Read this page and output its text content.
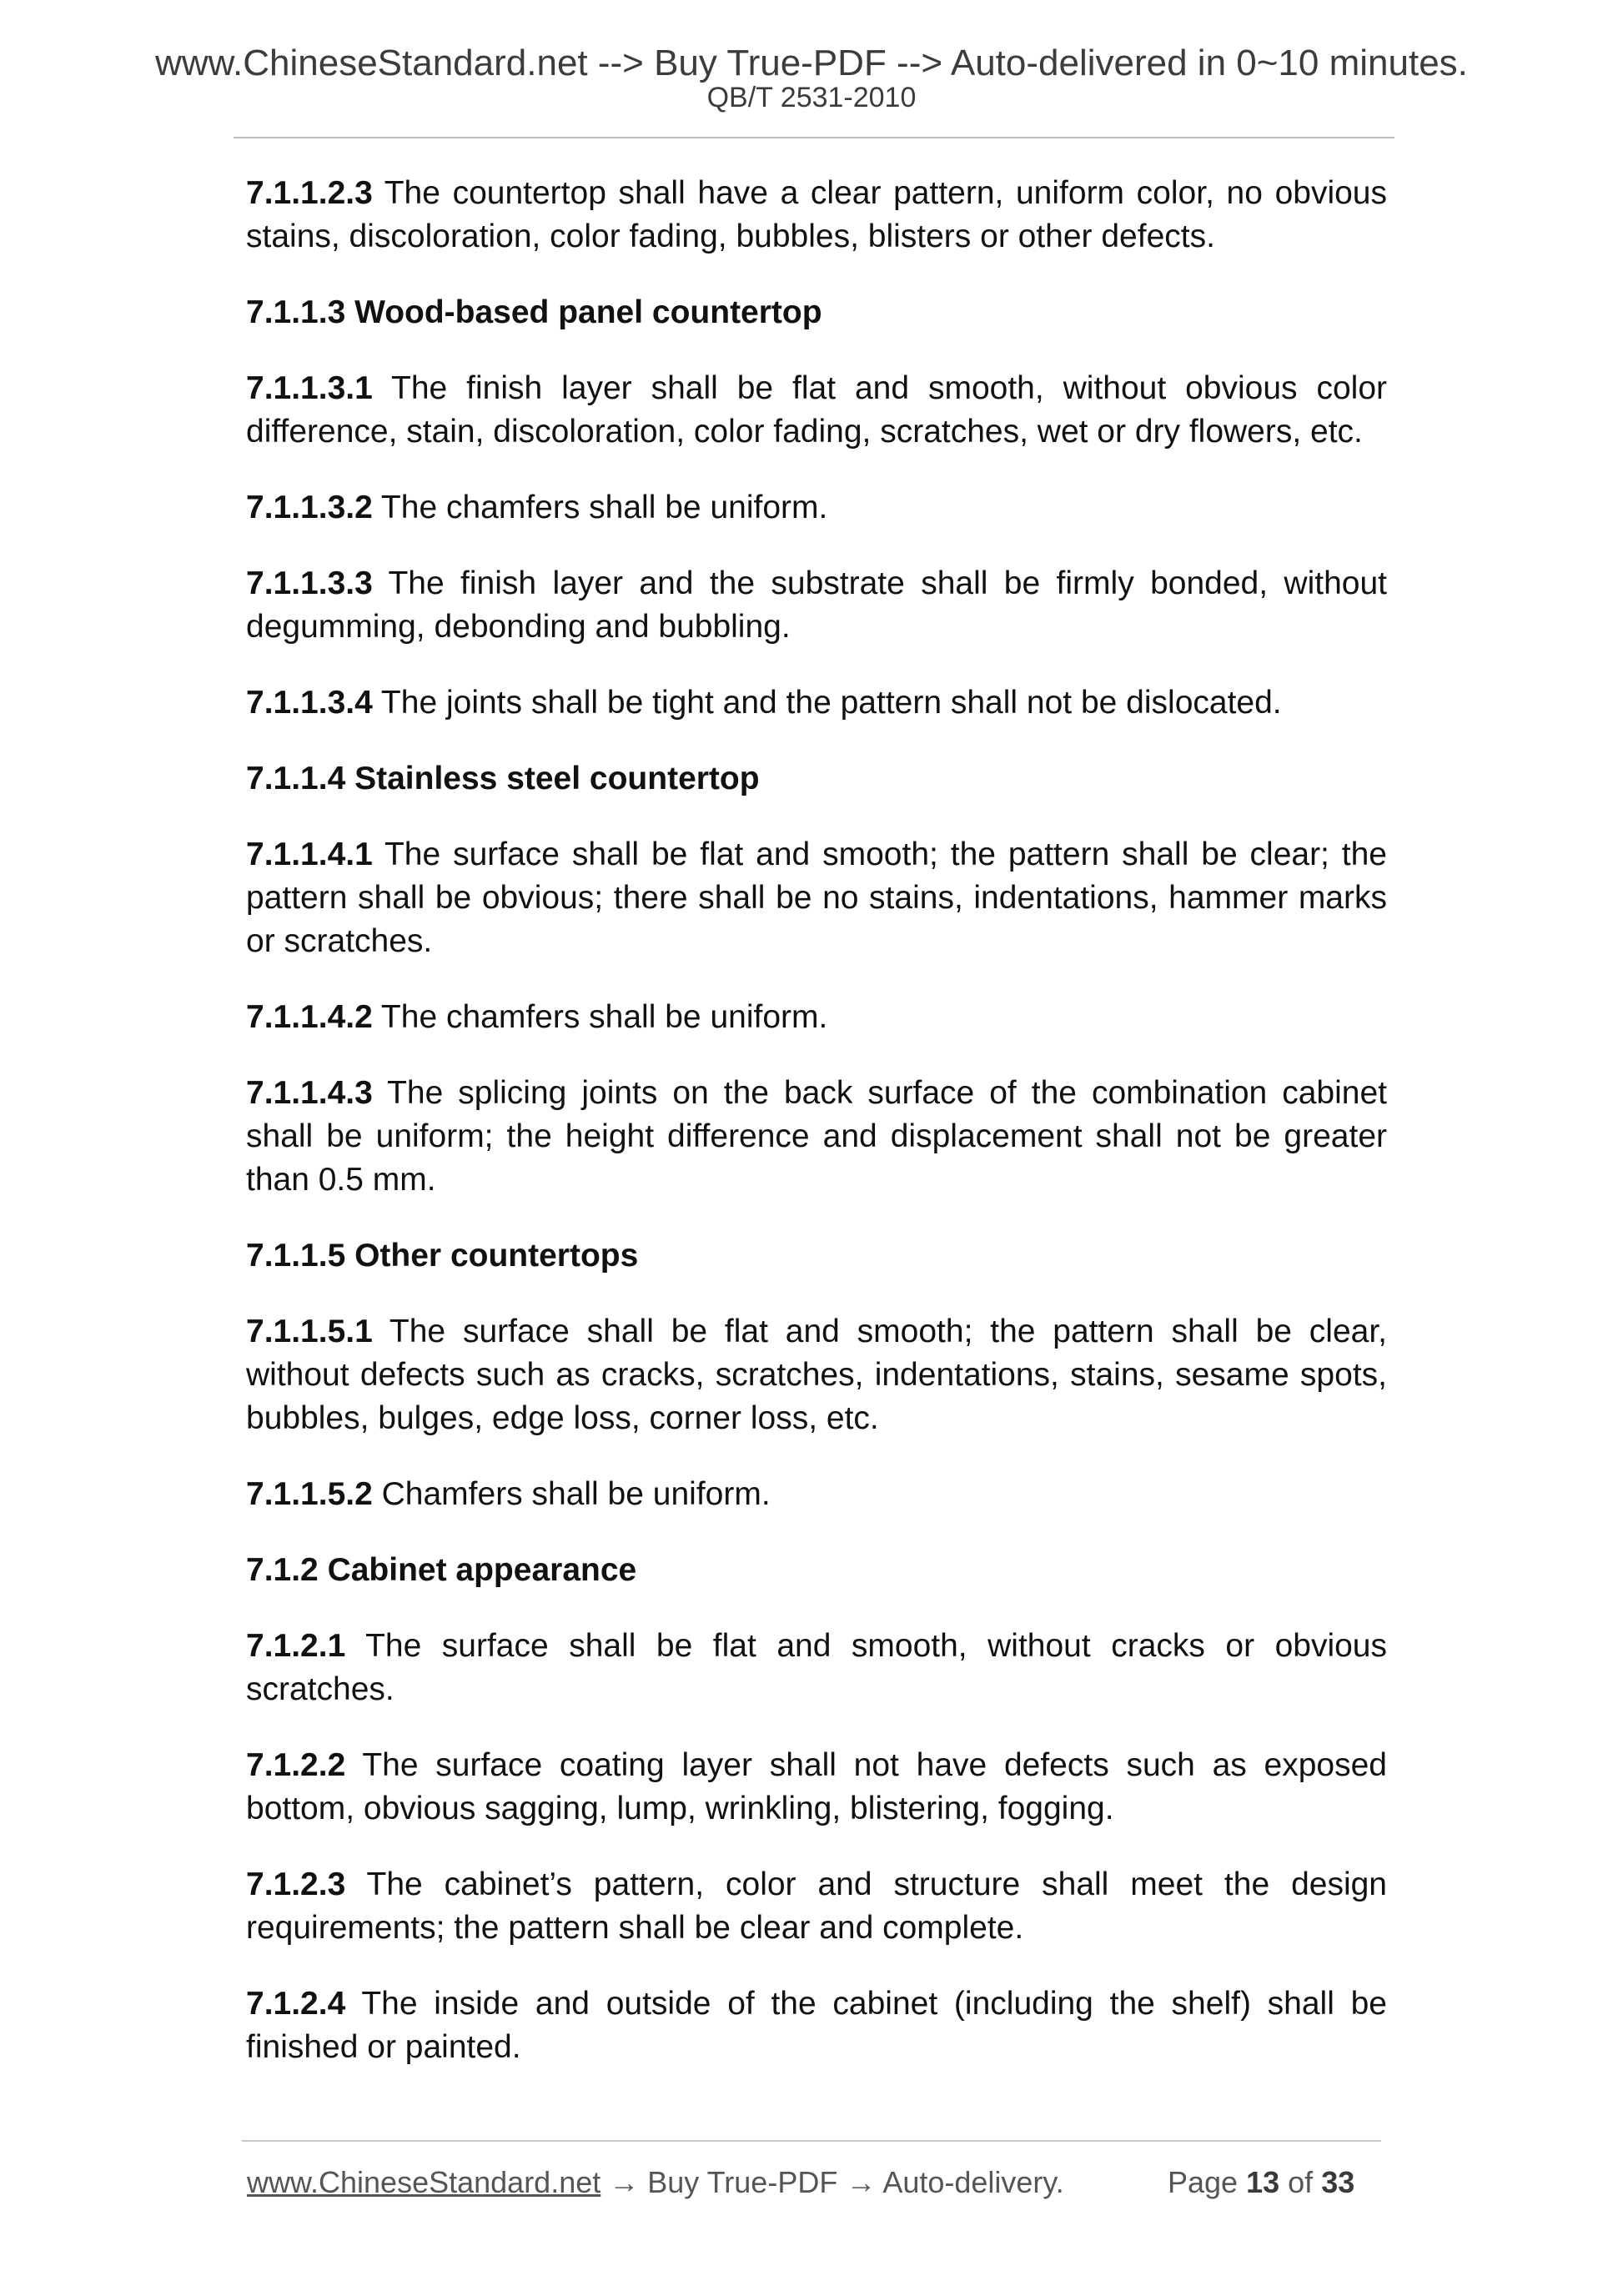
www.ChineseStandard.net --> Buy True-PDF --> Auto-delivered in 0~10 minutes.
QB/T 2531-2010

7.1.1.2.3 The countertop shall have a clear pattern, uniform color, no obvious stains, discoloration, color fading, bubbles, blisters or other defects.

7.1.1.3 Wood-based panel countertop

7.1.1.3.1 The finish layer shall be flat and smooth, without obvious color difference, stain, discoloration, color fading, scratches, wet or dry flowers, etc.

7.1.1.3.2 The chamfers shall be uniform.

7.1.1.3.3 The finish layer and the substrate shall be firmly bonded, without degumming, debonding and bubbling.

7.1.1.3.4 The joints shall be tight and the pattern shall not be dislocated.

7.1.1.4 Stainless steel countertop

7.1.1.4.1 The surface shall be flat and smooth; the pattern shall be clear; the pattern shall be obvious; there shall be no stains, indentations, hammer marks or scratches.

7.1.1.4.2 The chamfers shall be uniform.

7.1.1.4.3 The splicing joints on the back surface of the combination cabinet shall be uniform; the height difference and displacement shall not be greater than 0.5 mm.

7.1.1.5 Other countertops

7.1.1.5.1 The surface shall be flat and smooth; the pattern shall be clear, without defects such as cracks, scratches, indentations, stains, sesame spots, bubbles, bulges, edge loss, corner loss, etc.

7.1.1.5.2 Chamfers shall be uniform.

7.1.2 Cabinet appearance

7.1.2.1 The surface shall be flat and smooth, without cracks or obvious scratches.

7.1.2.2 The surface coating layer shall not have defects such as exposed bottom, obvious sagging, lump, wrinkling, blistering, fogging.

7.1.2.3 The cabinet’s pattern, color and structure shall meet the design requirements; the pattern shall be clear and complete.

7.1.2.4 The inside and outside of the cabinet (including the shelf) shall be finished or painted.

www.ChineseStandard.net → Buy True-PDF → Auto-delivery.	Page 13 of 33
